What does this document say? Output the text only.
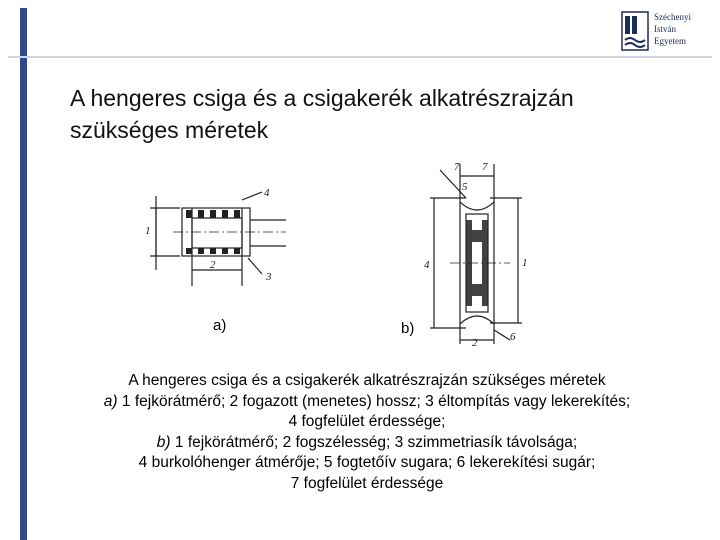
Széchenyi
István
Egyetem
A hengeres csiga és a csigakerék alkatrészrajzán
szükséges méretek
1
2
3
4
1
2
4
5
6
7 7
a)	b)
A hengeres csiga és a csigakerék alkatrészrajzán szükséges méretek
a) 1 fejkörátmérő; 2 fogazott (menetes) hossz; 3 éltompítás vagy lekerekítés;
4 fogfelület érdessége;
b) 1 fejkörátmérő; 2 fogszélesség; 3 szimmetriasík távolsága;
4 burkolóhenger átmérője; 5 fogtetőív sugara; 6 lekerekítési sugár;
7 fogfelület érdessége
